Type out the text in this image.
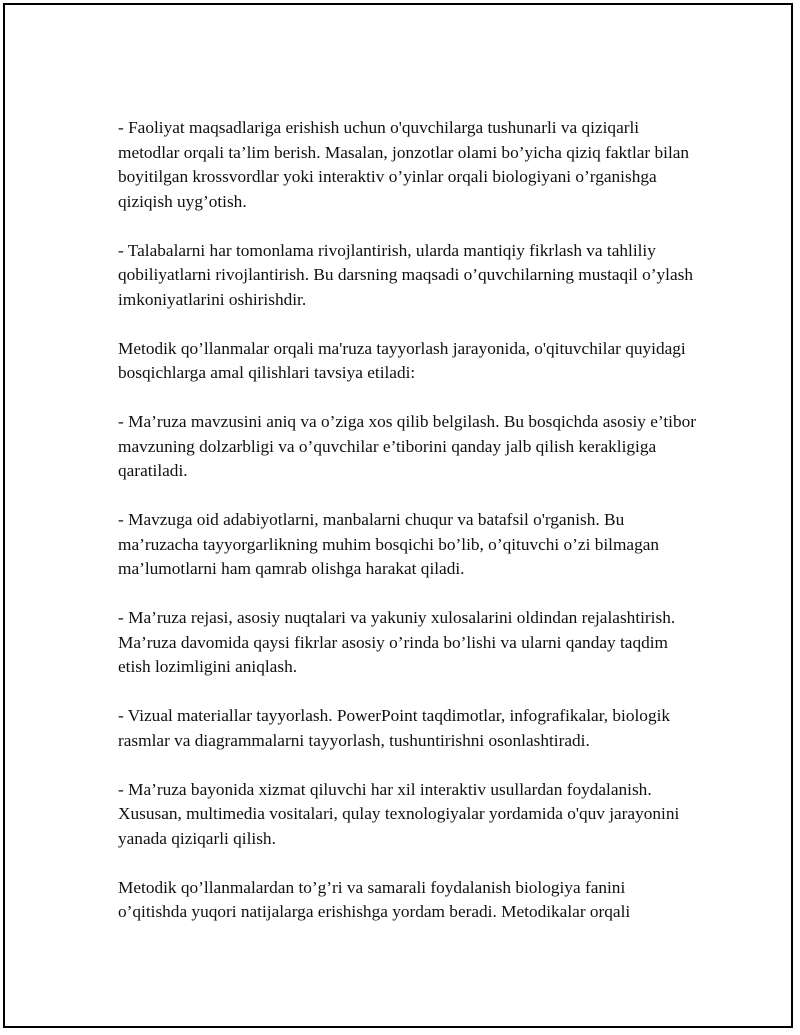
- Faoliyat maqsadlariga erishish uchun o'quvchilarga tushunarli va qiziqarli metodlar orqali ta’lim berish. Masalan, jonzotlar olami bo’yicha qiziq faktlar bilan boyitilgan krossvordlar yoki interaktiv o’yinlar orqali biologiyani o’rganishga qiziqish uyg’otish.

- Talabalarni har tomonlama rivojlantirish, ularda mantiqiy fikrlash va tahliliy qobiliyatlarni rivojlantirish. Bu darsning maqsadi o’quvchilarning mustaqil o’ylash imkoniyatlarini oshirishdir.

Metodik qo’llanmalar orqali ma'ruza tayyorlash jarayonida, o'qituvchilar quyidagi bosqichlarga amal qilishlari tavsiya etiladi:

- Ma’ruza mavzusini aniq va o’ziga xos qilib belgilash. Bu bosqichda asosiy e’tibor mavzuning dolzarbligi va o’quvchilar e’tiborini qanday jalb qilish kerakligiga qaratiladi.

- Mavzuga oid adabiyotlarni, manbalarni chuqur va batafsil o'rganish. Bu ma’ruzacha tayyorgarlikning muhim bosqichi bo’lib, o’qituvchi o’zi bilmagan ma’lumotlarni ham qamrab olishga harakat qiladi.

- Ma’ruza rejasi, asosiy nuqtalari va yakuniy xulosalarini oldindan rejalashtirish. Ma’ruza davomida qaysi fikrlar asosiy o’rinda bo’lishi va ularni qanday taqdim etish lozimligini aniqlash.

- Vizual materiallar tayyorlash. PowerPoint taqdimotlar, infografikalar, biologik rasmlar va diagrammalarni tayyorlash, tushuntirishni osonlashtiradi.

- Ma’ruza bayonida xizmat qiluvchi har xil interaktiv usullardan foydalanish. Xususan, multimedia vositalari, qulay texnologiyalar yordamida o'quv jarayonini yanada qiziqarli qilish.

Metodik qo’llanmalardan to’g’ri va samarali foydalanish biologiya fanini o’qitishda yuqori natijalarga erishishga yordam beradi. Metodikalar orqali
